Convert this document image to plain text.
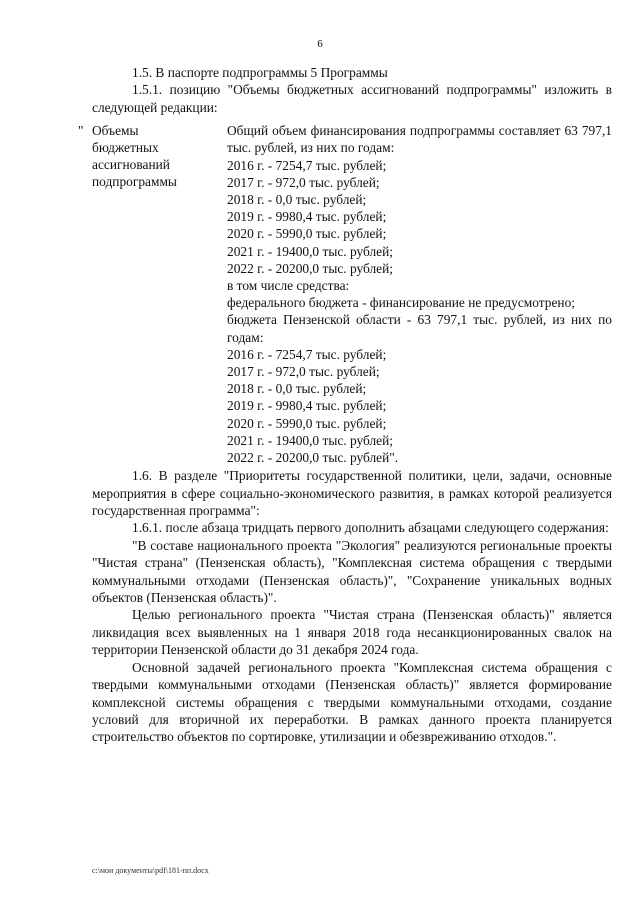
6

1.5. В паспорте подпрограммы 5 Программы

1.5.1. позицию "Объемы бюджетных ассигнований подпрограммы" изложить в следующей редакции:

" Объемы бюджетных ассигнований подпрограммы

Общий объем финансирования подпрограммы составляет 63 797,1 тыс. рублей, из них по годам:

2016 г. - 7254,7 тыс. рублей;

2017 г. - 972,0 тыс. рублей;

2018 г. - 0,0 тыс. рублей;

2019 г. - 9980,4 тыс. рублей;

2020 г. - 5990,0 тыс. рублей;

2021 г. - 19400,0 тыс. рублей;

2022 г. - 20200,0 тыс. рублей;

в том числе средства:

федерального бюджета - финансирование не предусмотрено;

бюджета Пензенской области - 63 797,1 тыс. рублей, из них по годам:

2016 г. - 7254,7 тыс. рублей;

2017 г. - 972,0 тыс. рублей;

2018 г. - 0,0 тыс. рублей;

2019 г. - 9980,4 тыс. рублей;

2020 г. - 5990,0 тыс. рублей;

2021 г. - 19400,0 тыс. рублей;

2022 г. - 20200,0 тыс. рублей".

1.6. В разделе "Приоритеты государственной политики, цели, задачи, основные мероприятия в сфере социально-экономического развития, в рамках которой реализуется государственная программа":

1.6.1. после абзаца тридцать первого дополнить абзацами следующего содержания:

"В составе национального проекта "Экология" реализуются региональные проекты "Чистая страна" (Пензенская область), "Комплексная система обращения с твердыми коммунальными отходами (Пензенская область)", "Сохранение уникальных водных объектов (Пензенская область)".

Целью регионального проекта "Чистая страна (Пензенская область)" является ликвидация всех выявленных на 1 января 2018 года несанкционированных свалок на территории Пензенской области до 31 декабря 2024 года.

Основной задачей регионального проекта "Комплексная система обращения с твердыми коммунальными отходами (Пензенская область)" является формирование комплексной системы обращения с твердыми коммунальными отходами, создание условий для вторичной их переработки. В рамках данного проекта планируется строительство объектов по сортировке, утилизации и обезвреживанию отходов.".

c:\мои документы\pdf\181-пп.docx
